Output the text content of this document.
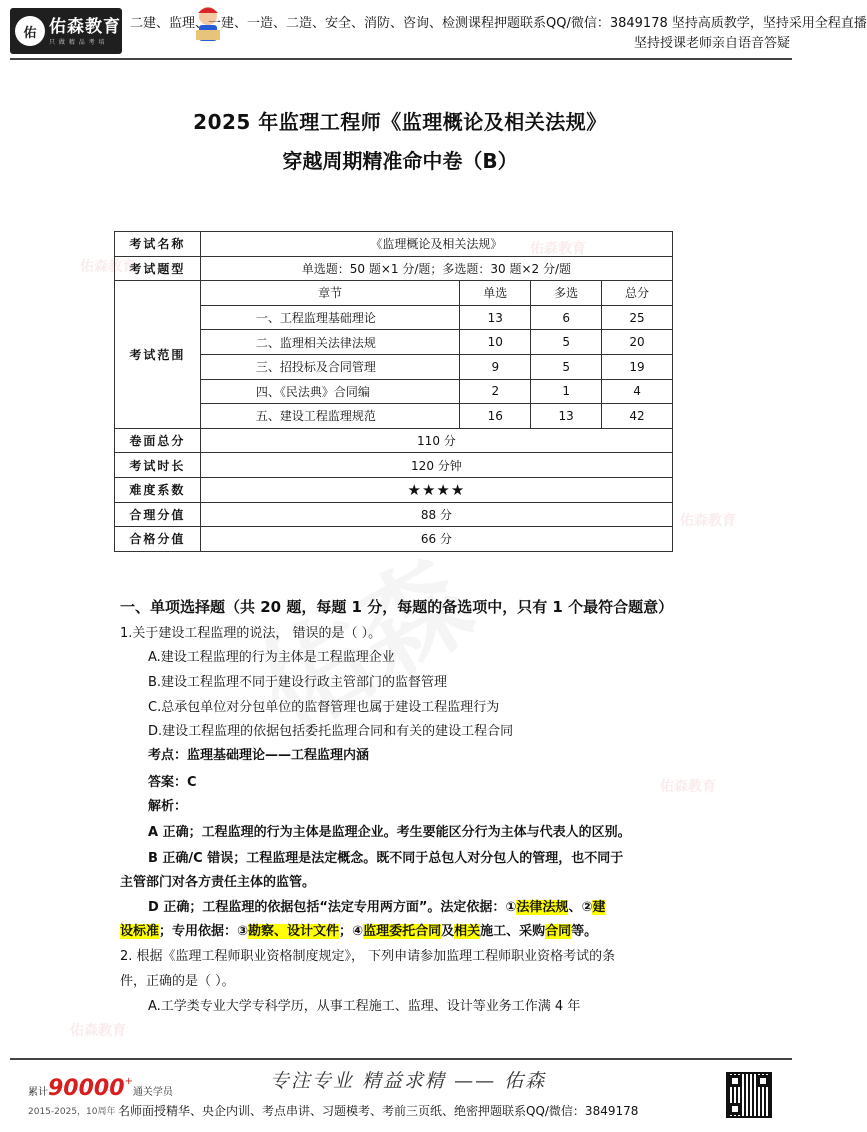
佑 佑森教育
只 做 精 品 考 培
二建、监理、一建、一造、二造、安全、消防、咨询、检测课程押题联系QQ/微信：3849178 坚持高质教学，坚持采用全程直播
坚持授课老师亲自语音答疑
佑森教育
佑森教育
佑森教育
佑森教育
佑森教育
2025 年监理工程师《监理概论及相关法规》
穿越周期精准命中卷（B）
考试名称	《监理概论及相关法规》			
考试题型	单选题：50 题×1 分/题；多选题：30 题×2 分/题			
考试范围	章节	单选	多选	总分
	一、工程监理基础理论	13	6	25
	二、监理相关法律法规	10	5	20
	三、招投标及合同管理	9	5	19
	四、《民法典》合同编	2	1	4
	五、建设工程监理规范	16	13	42
卷面总分	110 分			
考试时长	120 分钟			
难度系数	★★★★			
合理分值	88 分			
合格分值	66 分			
一、单项选择题（共 20 题，每题 1 分，每题的备选项中，只有 1 个最符合题意）
1.关于建设工程监理的说法， 错误的是（ ）。
A.建设工程监理的行为主体是工程监理企业
B.建设工程监理不同于建设行政主管部门的监督管理
C.总承包单位对分包单位的监督管理也属于建设工程监理行为
D.建设工程监理的依据包括委托监理合同和有关的建设工程合同
考点：监理基础理论——工程监理内涵
答案：C
解析：
A 正确；工程监理的行为主体是监理企业。考生要能区分行为主体与代表人的区别。
B 正确/C 错误；工程监理是法定概念。既不同于总包人对分包人的管理，也不同于
主管部门对各方责任主体的监管。
D 正确；工程监理的依据包括“法定专用两方面”。法定依据：①法律法规、②建
设标准；专用依据：③勘察、设计文件；④监理委托合同及相关施工、采购合同等。
2. 根据《监理工程师职业资格制度规定》， 下列申请参加监理工程师职业资格考试的条
件，正确的是（ ）。
A.工学类专业大学专科学历，从事工程施工、监理、设计等业务工作满 4 年
累计90000+通关学员
2015-2025，10周年
专注专业 精益求精 —— 佑森
名师面授精华、央企内训、考点串讲、习题模考、考前三页纸、绝密押题联系QQ/微信：3849178
